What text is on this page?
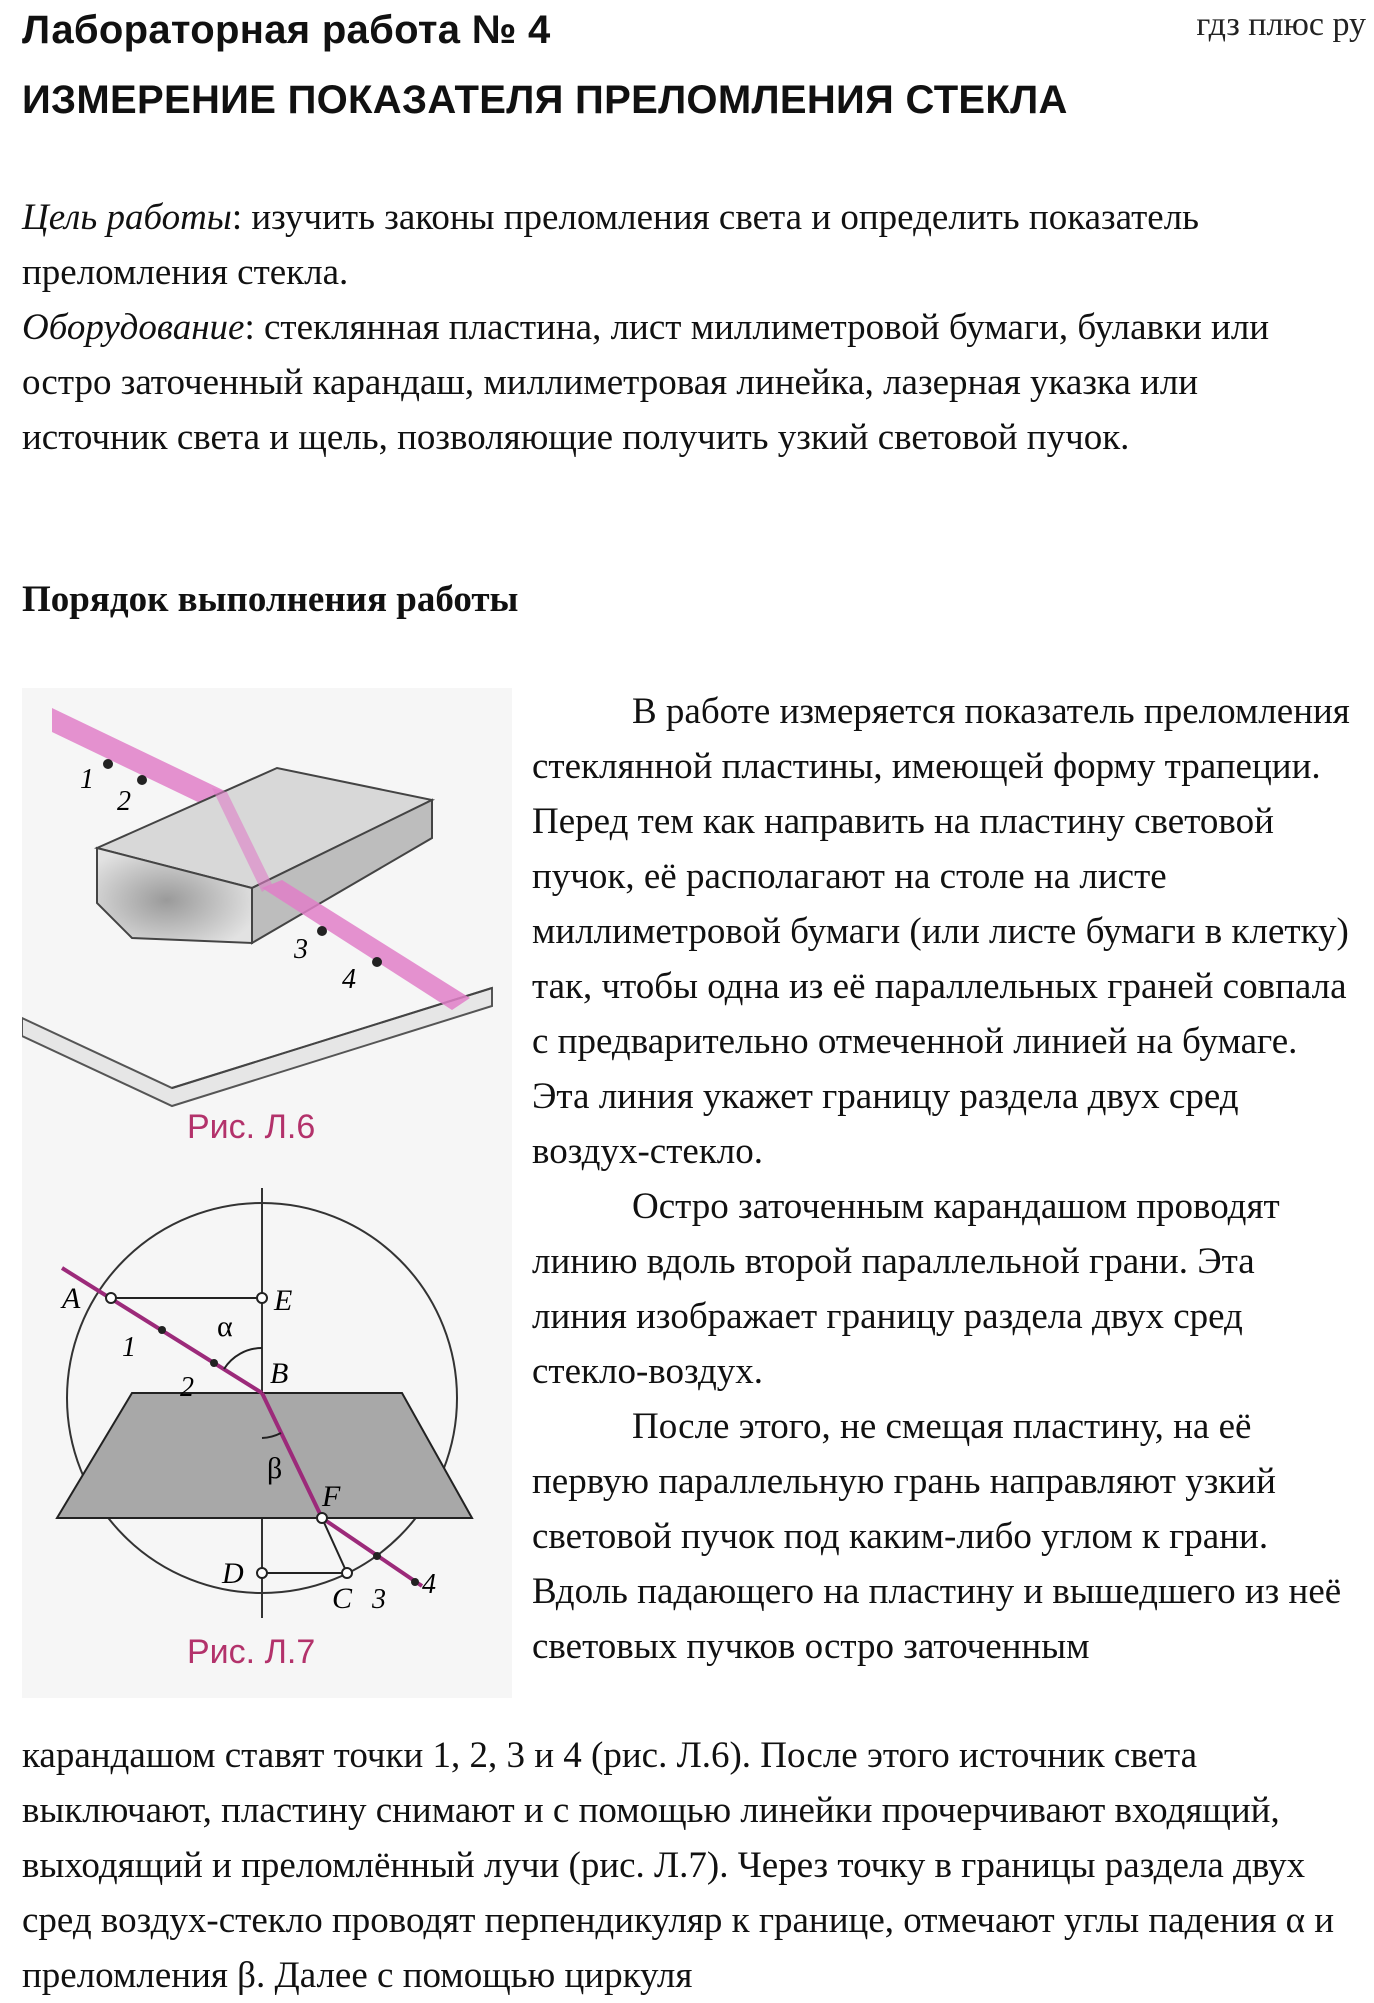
гдз плюс ру
Лабораторная работа № 4
ИЗМЕРЕНИЕ ПОКАЗАТЕЛЯ ПРЕЛОМЛЕНИЯ СТЕКЛА

Цель работы: изучить законы преломления света и определить показатель преломления стекла.

Оборудование: стеклянная пластина, лист миллиметровой бумаги, булавки или остро заточенный карандаш, миллиметровая линейка, лазерная указка или источник света и щель, позволяющие получить узкий световой пучок.

Порядок выполнения работы
1
2
3
4
Рис. Л.6
A	E
B
D
F
C
α
β
1
2
3 4
Рис. Л.7

В работе измеряется показатель преломления стеклянной пластины, имеющей форму трапеции. Перед тем как направить на пластину световой пучок, её располагают на столе на листе миллиметровой бумаги (или листе бумаги в клетку) так, чтобы одна из её параллельных граней совпала с предварительно отмеченной линией на бумаге. Эта линия укажет границу раздела двух сред воздух-стекло.

Остро заточенным карандашом проводят линию вдоль второй параллельной грани. Эта линия изображает границу раздела двух сред стекло-воздух.

После этого, не смещая пластину, на её первую параллельную грань направляют узкий световой пучок под каким-либо углом к грани. Вдоль падающего на пластину и вышедшего из неё световых пучков остро заточенным

карандашом ставят точки 1, 2, 3 и 4 (рис. Л.6). После этого источник света выключают, пластину снимают и с помощью линейки прочерчивают входящий, выходящий и преломлённый лучи (рис. Л.7). Через точку в границы раздела двух сред воздух-стекло проводят перпендикуляр к границе, отмечают углы падения α и преломления β. Далее с помощью циркуля
